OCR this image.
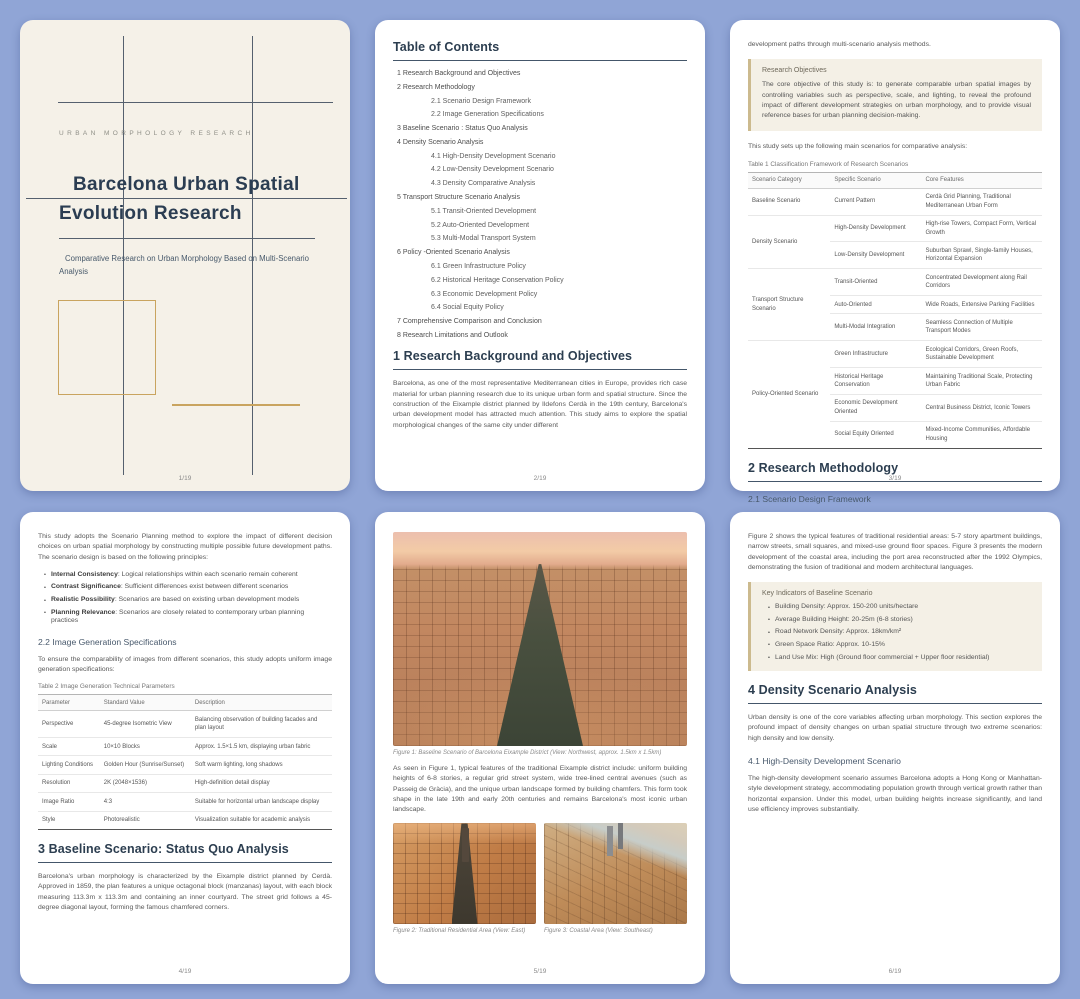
URBAN MORPHOLOGY RESEARCH
Barcelona Urban Spatial
Evolution Research
Comparative Research on Urban Morphology Based on Multi-Scenario Analysis
1/19
Table of Contents
1 Research Background and Objectives
2 Research Methodology
2.1 Scenario Design Framework
2.2 Image Generation Specifications
3 Baseline Scenario : Status Quo Analysis
4 Density Scenario Analysis
4.1 High-Density Development Scenario
4.2 Low-Density Development Scenario
4.3 Density Comparative Analysis
5 Transport Structure Scenario Analysis
5.1 Transit-Oriented Development
5.2 Auto-Oriented Development
5.3 Multi-Modal Transport System
6 Policy -Oriented Scenario Analysis
6.1 Green Infrastructure Policy
6.2 Historical Heritage Conservation Policy
6.3 Economic Development Policy
6.4 Social Equity Policy
7 Comprehensive Comparison and Conclusion
8 Research Limitations and Outlook
1 Research Background and Objectives

Barcelona, as one of the most representative Mediterranean cities in Europe, provides rich case material for urban planning research due to its unique urban form and spatial structure. Since the construction of the Eixample district planned by Ildefons Cerdà in the 19th century, Barcelona's urban development model has attracted much attention. This study aims to explore the spatial morphological changes of the same city under different

2/19

development paths through multi-scenario analysis methods.

Research Objectives

The core objective of this study is: to generate comparable urban spatial images by controlling variables such as perspective, scale, and lighting, to reveal the profound impact of different development strategies on urban morphology, and to provide visual reference bases for urban planning decision-making.

This study sets up the following main scenarios for comparative analysis:

Table 1 Classification Framework of Research Scenarios
Scenario Category	Specific Scenario	Core Features
Baseline Scenario	Current Pattern	Cerdà Grid Planning, Traditional Mediterranean Urban Form
Density Scenario	High-Density Development	High-rise Towers, Compact Form, Vertical Growth
	Low-Density Development	Suburban Sprawl, Single-family Houses, Horizontal Expansion
Transport Structure Scenario	Transit-Oriented	Concentrated Development along Rail Corridors
	Auto-Oriented	Wide Roads, Extensive Parking Facilities
	Multi-Modal Integration	Seamless Connection of Multiple Transport Modes
Policy-Oriented Scenario	Green Infrastructure	Ecological Corridors, Green Roofs, Sustainable Development
	Historical Heritage Conservation	Maintaining Traditional Scale, Protecting Urban Fabric
	Economic Development Oriented	Central Business District, Iconic Towers
	Social Equity Oriented	Mixed-Income Communities, Affordable Housing
2 Research Methodology
2.1 Scenario Design Framework
3/19

This study adopts the Scenario Planning method to explore the impact of different decision choices on urban spatial morphology by constructing multiple possible future development paths. The scenario design is based on the following principles:

• Internal Consistency: Logical relationships within each scenario remain coherent
• Contrast Significance: Sufficient differences exist between different scenarios
• Realistic Possibility: Scenarios are based on existing urban development models
• Planning Relevance: Scenarios are closely related to contemporary urban planning practices
2.2 Image Generation Specifications

To ensure the comparability of images from different scenarios, this study adopts uniform image generation specifications:

Table 2 Image Generation Technical Parameters
Parameter	Standard Value	Description
Perspective	45-degree Isometric View	Balancing observation of building facades and plan layout
Scale	10×10 Blocks	Approx. 1.5×1.5 km, displaying urban fabric
Lighting Conditions	Golden Hour (Sunrise/Sunset)	Soft warm lighting, long shadows
Resolution	2K (2048×1536)	High-definition detail display
Image Ratio	4:3	Suitable for horizontal urban landscape display
Style	Photorealistic	Visualization suitable for academic analysis
3 Baseline Scenario: Status Quo Analysis

Barcelona's urban morphology is characterized by the Eixample district planned by Cerdà. Approved in 1859, the plan features a unique octagonal block (manzanas) layout, with each block measuring 113.3m x 113.3m and containing an inner courtyard. The street grid follows a 45-degree diagonal layout, forming the famous chamfered corners.

4/19
Figure 1: Baseline Scenario of Barcelona Eixample District (View: Northwest, approx. 1.5km x 1.5km)

As seen in Figure 1, typical features of the traditional Eixample district include: uniform building heights of 6-8 stories, a regular grid street system, wide tree-lined central avenues (such as Passeig de Gràcia), and the unique urban landscape formed by building chamfers. This form took shape in the late 19th and early 20th centuries and remains Barcelona's most iconic urban landscape.

Figure 2: Traditional Residential Area (View: East)	Figure 3: Coastal Area (View: Southeast)
5/19

Figure 2 shows the typical features of traditional residential areas: 5-7 story apartment buildings, narrow streets, small squares, and mixed-use ground floor spaces. Figure 3 presents the modern development of the coastal area, including the port area reconstructed after the 1992 Olympics, demonstrating the fusion of traditional and modern architectural languages.

Key Indicators of Baseline Scenario
• Building Density: Approx. 150-200 units/hectare
• Average Building Height: 20-25m (6-8 stories)
• Road Network Density: Approx. 18km/km²
• Green Space Ratio: Approx. 10-15%
• Land Use Mix: High (Ground floor commercial + Upper floor residential)
4 Density Scenario Analysis

Urban density is one of the core variables affecting urban morphology. This section explores the profound impact of density changes on urban spatial structure through two extreme scenarios: high density and low density.

4.1 High-Density Development Scenario

The high-density development scenario assumes Barcelona adopts a Hong Kong or Manhattan-style development strategy, accommodating population growth through vertical growth rather than horizontal expansion. Under this model, urban building heights increase significantly, and land use efficiency improves substantially.

6/19
